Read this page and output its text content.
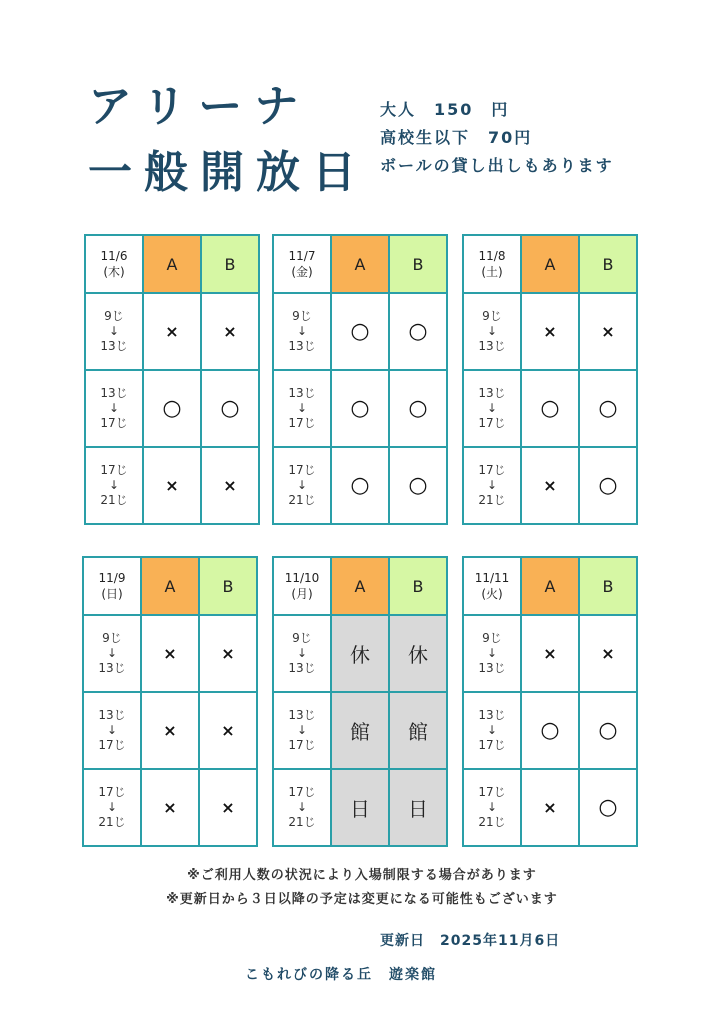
アリーナ
一般開放日
大人　150　円
高校生以下　70円
ボールの貸し出しもあります
11/6
(木)	A	B

9じ
↓
13じ	×	×

13じ
↓
17じ	○	○

17じ
↓
21じ	×	×
11/7
(金)	A	B

9じ
↓
13じ	○	○

13じ
↓
17じ	○	○

17じ
↓
21じ	○	○
11/8
(土)	A	B

9じ
↓
13じ	×	×

13じ
↓
17じ	○	○

17じ
↓
21じ	×	○
11/9
(日)	A	B

9じ
↓
13じ	×	×

13じ
↓
17じ	×	×

17じ
↓
21じ	×	×
11/10
(月)	A	B

9じ
↓
13じ	休	休

13じ
↓
17じ	館	館

17じ
↓
21じ	日	日
11/11
(火)	A	B

9じ
↓
13じ	×	×

13じ
↓
17じ	○	○

17じ
↓
21じ	×	○
※ご利用人数の状況により入場制限する場合があります
※更新日から３日以降の予定は変更になる可能性もございます
更新日　2025年11月6日
こもれびの降る丘　遊楽館
